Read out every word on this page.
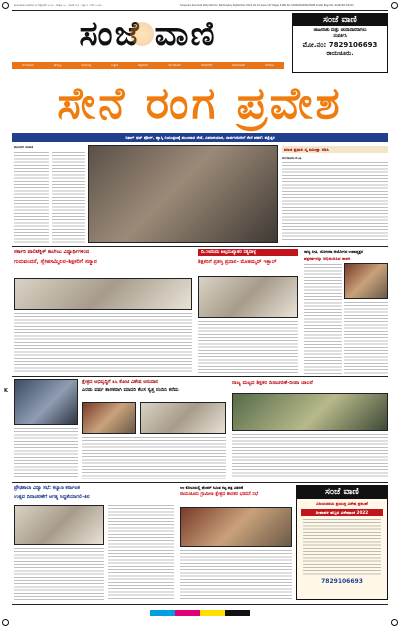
ರಾಯಚೂರು ಬುಧವಾರ ೨೮ ಸೆಪ್ಟೆಂಬರ್ ೨೦೨೨ : ಸಂಪುಟ ೧೬ : ಸಂಚಿಕೆ ೧೪೭ : ಪುಟ ೮ : ಬೆಲೆ ೦೨ ರೂ	Sanjevani Kannada Daily Raichur Wednesday September 2022 Vol 16 Issue 147 Pages 8 RNI No. KARKAN/2006/29484 Postal Regd No. KA/RCR/13/2014
ಸಂಜೆ ವಾಣಿ
ಬೆಂಗಳೂರು	ಹುಬ್ಬಳ್ಳಿ	ಶಿವಮೊಗ್ಗ	ಬಳ್ಳಾರಿ	ಚಿತ್ರದುರ್ಗ	ಮಂಗಳೂರು	ದಾವಣಗೆರೆ	ರಾಯಚೂರು	ಬೆಳಗಾವಿ
ಸಂಜೆ ವಾಣಿ
ಜಾಹೀರಾತು ಮತ್ತು ಚಂದಾದಾರರಾಗಲು
ಸಂಪರ್ಕಿಸಿ
ಮೋ.ನಂ: 7829106693
ರಾಯಚೂರು.
ಸೇನೆ ರಂಗ ಪ್ರವೇಶ
ನಿತಾಗ್ ಥಟ್ ಫೋನ್, ಹ್ಯಾಸ್ಕಿ ನಿಯಂತ್ರಣಕ್ಕೆ ಮುಂದಾದ ಸೇನೆ, ವಿಮಾನಯಾನ, ಸಾರ್ವಜನಿಕರಿಗೆ ಸೇನೆ ಪಹರೆ: ಕಟ್ಟೆಚ್ಚರ
ಕಲಬುರಗಿ ಮಹಾಕ	ಮಾಜಿ ಪ್ರಧಾನಿ ಸ್ಮ ಸಮೀಕ್ಷಾ ನಡಿಸಿ
ಬೆಂಗಳೂರು.ಸೆ.೨೭
ಸರ್ಕಾರಿ ಪಾಲಿಟೆಕ್ನಿಕ್ ಕಾಲೇಜು ವಿದ್ಯಾರ್ಥಿಗಳಿಂದ
ಗುರುವಂದನೆ, ಸ್ನೇಹಸಮ್ಮಿಲನ-ಶಿಕ್ಷಕರಿಗೆ ಸನ್ಮಾನ
ದಿ.೧೮ರಂದು ಅಲ್ಪಸಂಖ್ಯಾತರ ಸತ್ಯದಾಳ್ಳ
ಶಿಕ್ಷಕರಿಗೆ ಪ್ರಶಸ್ತಿ ಪ್ರದಾನ- ಮೊಹಮ್ಮದ್ ಇಕ್ಬಾಲ್
ರಾಜ್ಯ ನೀತಿ, ಯೋಜನಾ ಆಯೋಗದ ಉಪಾಧ್ಯಕ್ಷರ
ಪತ್ರಕರ್ತರನ್ನು ಅಭಿನಂದಿಸಿದ ಶಾಸಕ
ಕ್ಷೇತ್ರದ ಅಭಿವೃದ್ಧಿಗೆ ೩೬ ಕೋಟಿ ವಿಶೇಷ ಅನುದಾನ
ಎರಡು ವರ್ಷ ಶಾಸಕರಾಗಿ ಮಾದರಿ ಕೆಲಸ ಸ್ವತ್ತ ನಂದಿನಿ ಕರೆಮ
ರಾಜ್ಯ ಮಟ್ಟದ ಶಿಕ್ಷಕರ ದಿನಾಚರಣೆ-ದೀಪಾ ಚಾಲನೆ
ಪ್ರೌಢಶಾಲಾ ವಿದ್ಯಾ ಸಭೆ: ಕಲ್ಯಾಣ ಕರ್ನಾಟಕ
ಉತ್ಸವ ದಿನಾಚರಣೆಗೆ ಅಗತ್ಯ ಸಿದ್ಧತೆಯಾಗಲಿ-ತಿನ
೪೮ ಕೋಟಿಯಲ್ಲಿ ಫೆಂಡರ್ ನಿಮಿತ ಕಟ್ಟ ಪತ್ರ ವಿತರಣೆ
ರಾಯಚೂರು ಗ್ರಾಮೀಣ ಕ್ಷೇತ್ರದ ಶಾಸಕರ ಭರವಸೆ ಸಭೆ	ಸಂಜೆ ವಾಣಿ
ವಿಜಯದಶಮಿ ಪ್ರಯುಕ್ತ ವಿಶೇಷ ಪ್ರಕಟಣೆ
ದೀಪಾವಳಿ ಹಬ್ಬದ ವಿಶೇಷಾಂಕ 2022
7829106693
K
